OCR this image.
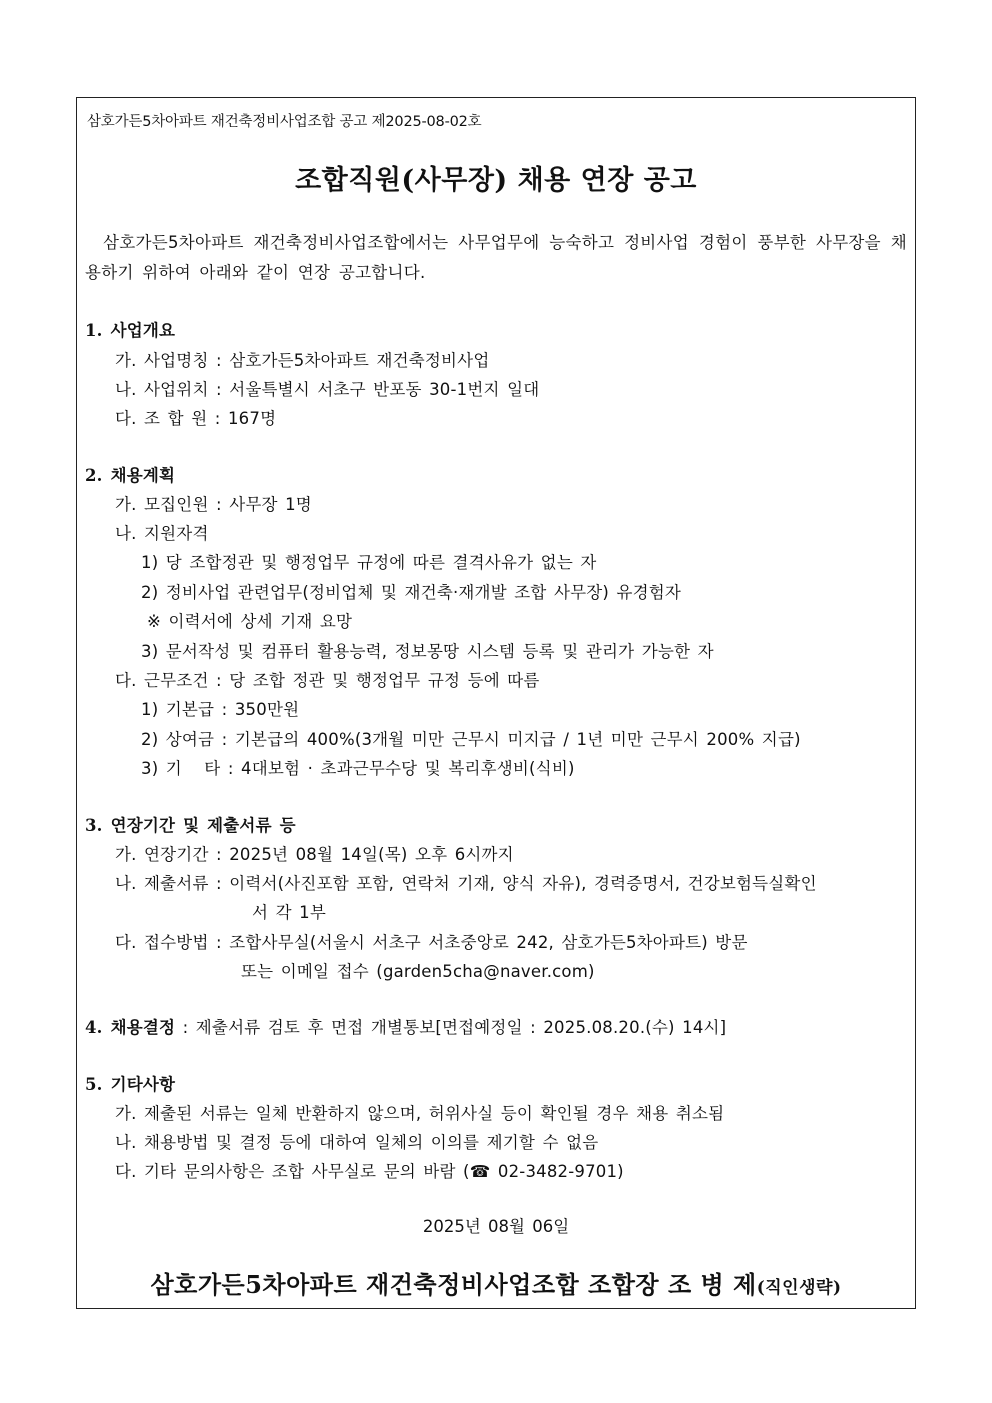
삼호가든5차아파트 재건축정비사업조합 공고 제2025-08-02호
조합직원(사무장) 채용 연장 공고
삼호가든5차아파트 재건축정비사업조합에서는 사무업무에 능숙하고 정비사업 경험이 풍부한 사무장을 채용하기 위하여 아래와 같이 연장 공고합니다.
1. 사업개요
가. 사업명칭 : 삼호가든5차아파트 재건축정비사업
나. 사업위치 : 서울특별시 서초구 반포동 30-1번지 일대
다. 조 합 원 : 167명
2. 채용계획
가. 모집인원 : 사무장 1명
나. 지원자격
1) 당 조합정관 및 행정업무 규정에 따른 결격사유가 없는 자
2) 정비사업 관련업무(정비업체 및 재건축·재개발 조합 사무장) 유경험자
※ 이력서에 상세 기재 요망
3) 문서작성 및 컴퓨터 활용능력, 정보몽땅 시스템 등록 및 관리가 가능한 자
다. 근무조건 : 당 조합 정관 및 행정업무 규정 등에 따름
1) 기본급 : 350만원
2) 상여금 : 기본급의 400%(3개월 미만 근무시 미지급 / 1년 미만 근무시 200% 지급)
3) 기   타 : 4대보험 · 초과근무수당 및 복리후생비(식비)
3. 연장기간 및 제출서류 등
가. 연장기간 : 2025년 08월 14일(목) 오후 6시까지
나. 제출서류 : 이력서(사진포함 포함, 연락처 기재, 양식 자유), 경력증명서, 건강보험득실확인
서 각 1부
다. 접수방법 : 조합사무실(서울시 서초구 서초중앙로 242, 삼호가든5차아파트) 방문
또는 이메일 접수 (garden5cha@naver.com)
4. 채용결정 : 제출서류 검토 후 면접 개별통보[면접예정일 : 2025.08.20.(수) 14시]
5. 기타사항
가. 제출된 서류는 일체 반환하지 않으며, 허위사실 등이 확인될 경우 채용 취소됨
나. 채용방법 및 결정 등에 대하여 일체의 이의를 제기할 수 없음
다. 기타 문의사항은 조합 사무실로 문의 바람 (☎ 02-3482-9701)
2025년 08월 06일
삼호가든5차아파트 재건축정비사업조합 조합장 조 병 제(직인생략)
